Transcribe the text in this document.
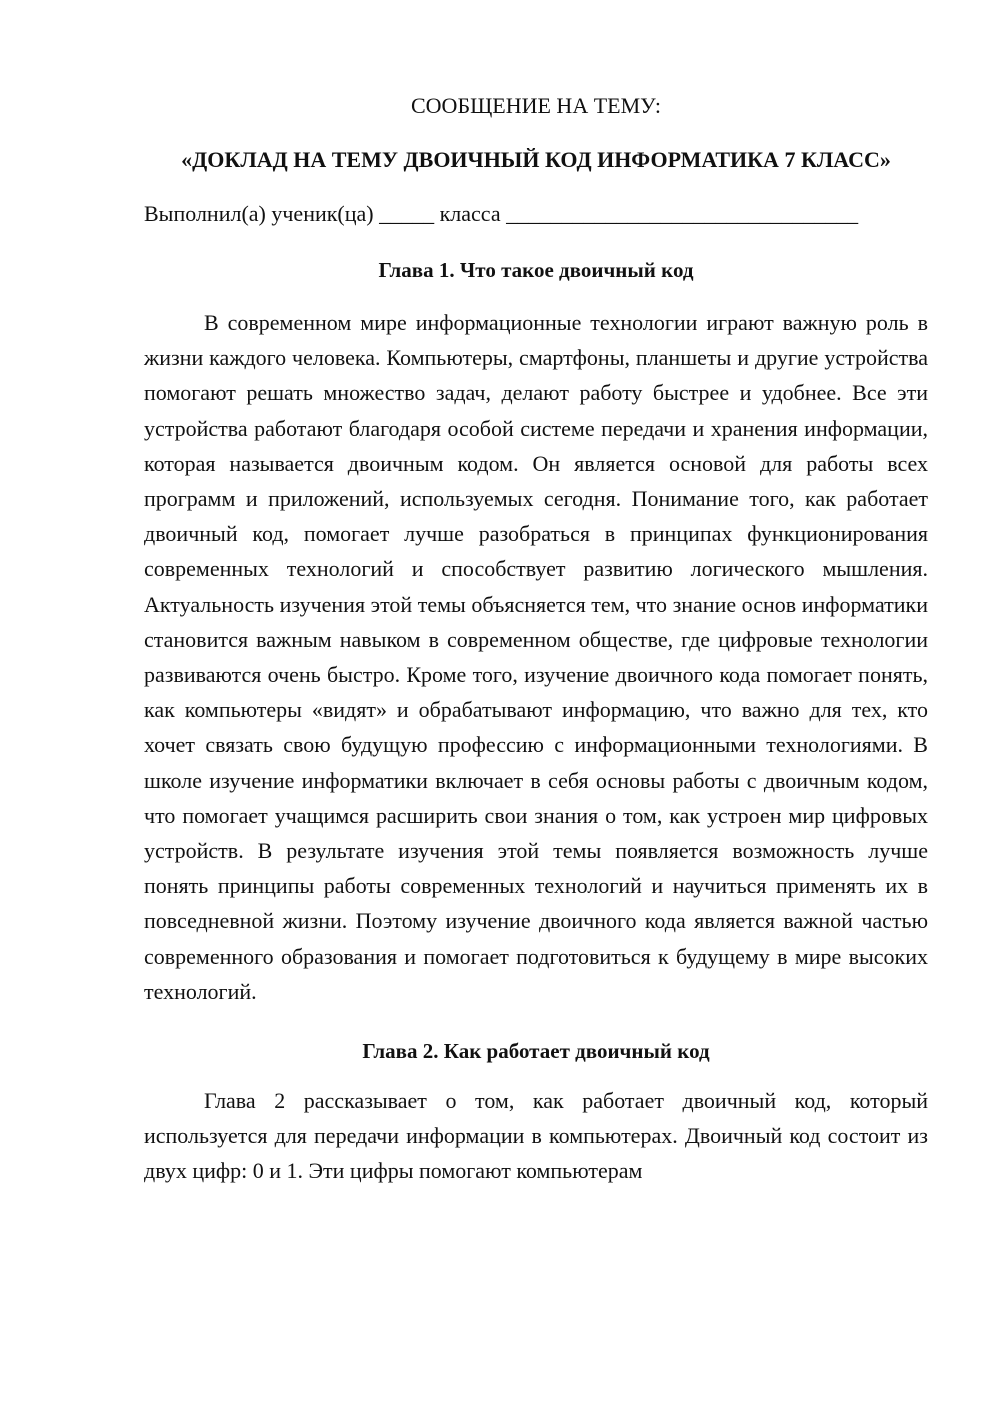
СООБЩЕНИЕ НА ТЕМУ:

«ДОКЛАД НА ТЕМУ ДВОИЧНЫЙ КОД ИНФОРМАТИКА 7 КЛАСС»

Выполнил(а) ученик(ца) _____ класса ________________________________

Глава 1. Что такое двоичный код

В современном мире информационные технологии играют важную роль в жизни каждого человека. Компьютеры, смартфоны, планшеты и другие устройства помогают решать множество задач, делают работу быстрее и удобнее. Все эти устройства работают благодаря особой системе передачи и хранения информации, которая называется двоичным кодом. Он является основой для работы всех программ и приложений, используемых сегодня. Понимание того, как работает двоичный код, помогает лучше разобраться в принципах функционирования современных технологий и способствует развитию логического мышления. Актуальность изучения этой темы объясняется тем, что знание основ информатики становится важным навыком в современном обществе, где цифровые технологии развиваются очень быстро. Кроме того, изучение двоичного кода помогает понять, как компьютеры «видят» и обрабатывают информацию, что важно для тех, кто хочет связать свою будущую профессию с информационными технологиями. В школе изучение информатики включает в себя основы работы с двоичным кодом, что помогает учащимся расширить свои знания о том, как устроен мир цифровых устройств. В результате изучения этой темы появляется возможность лучше понять принципы работы современных технологий и научиться применять их в повседневной жизни. Поэтому изучение двоичного кода является важной частью современного образования и помогает подготовиться к будущему в мире высоких технологий.

Глава 2. Как работает двоичный код

Глава 2 рассказывает о том, как работает двоичный код, который используется для передачи информации в компьютерах. Двоичный код состоит из двух цифр: 0 и 1. Эти цифры помогают компьютерам
